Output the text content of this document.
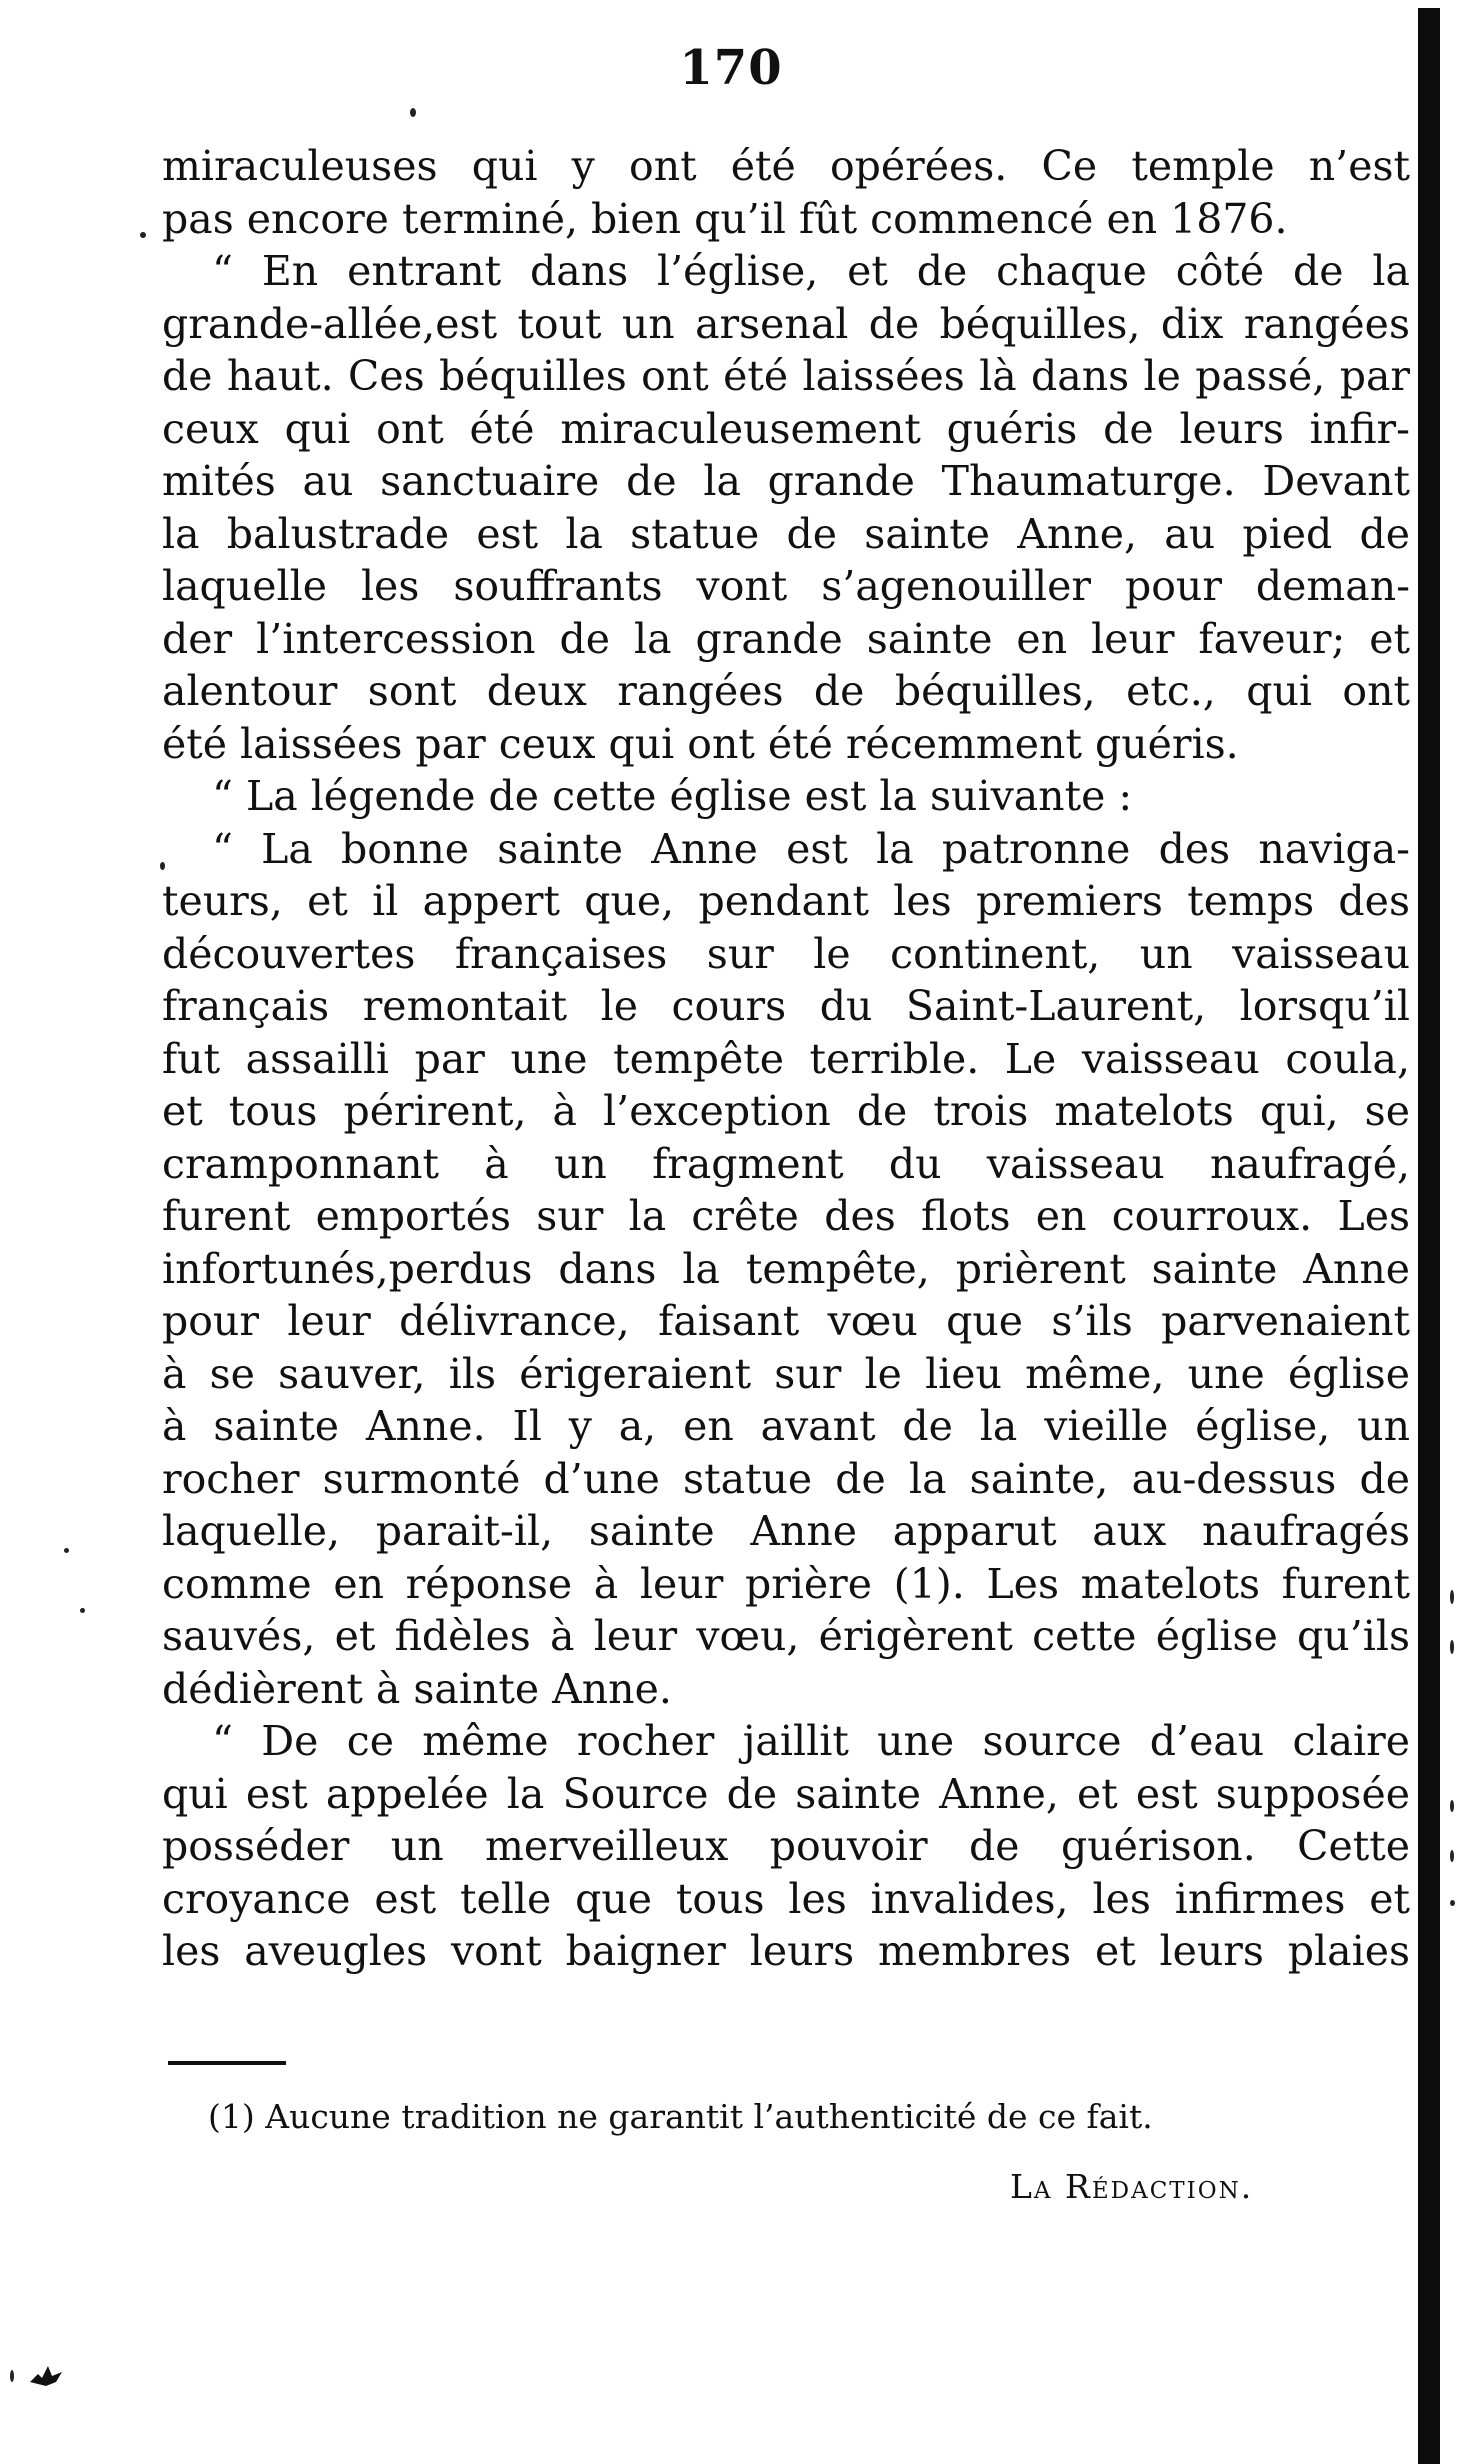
170
miraculeuses qui y ont été opérées. Ce temple n’est
pas encore terminé, bien qu’il fût commencé en 1876.
“ En entrant dans l’église, et de chaque côté de la
grande-allée,est tout un arsenal de béquilles, dix rangées
de haut. Ces béquilles ont été laissées là dans le passé, par
ceux qui ont été miraculeusement guéris de leurs infir-
mités au sanctuaire de la grande Thaumaturge. Devant
la balustrade est la statue de sainte Anne, au pied de
laquelle les souffrants vont s’agenouiller pour deman-
der l’intercession de la grande sainte en leur faveur; et
alentour sont deux rangées de béquilles, etc., qui ont
été laissées par ceux qui ont été récemment guéris.
“ La légende de cette église est la suivante :
“ La bonne sainte Anne est la patronne des naviga-
teurs, et il appert que, pendant les premiers temps des
découvertes françaises sur le continent, un vaisseau
français remontait le cours du Saint-Laurent, lorsqu’il
fut assailli par une tempête terrible. Le vaisseau coula,
et tous périrent, à l’exception de trois matelots qui, se
cramponnant à un fragment du vaisseau naufragé,
furent emportés sur la crête des flots en courroux. Les
infortunés,perdus dans la tempête, prièrent sainte Anne
pour leur délivrance, faisant vœu que s’ils parvenaient
à se sauver, ils érigeraient sur le lieu même, une église
à sainte Anne. Il y a, en avant de la vieille église, un
rocher surmonté d’une statue de la sainte, au-dessus de
laquelle, parait-il, sainte Anne apparut aux naufragés
comme en réponse à leur prière (1). Les matelots furent
sauvés, et fidèles à leur vœu, érigèrent cette église qu’ils
dédièrent à sainte Anne.
“ De ce même rocher jaillit une source d’eau claire
qui est appelée la Source de sainte Anne, et est supposée
posséder un merveilleux pouvoir de guérison. Cette
croyance est telle que tous les invalides, les infirmes et
les aveugles vont baigner leurs membres et leurs plaies
(1) Aucune tradition ne garantit l’authenticité de ce fait.
La Rédaction.
